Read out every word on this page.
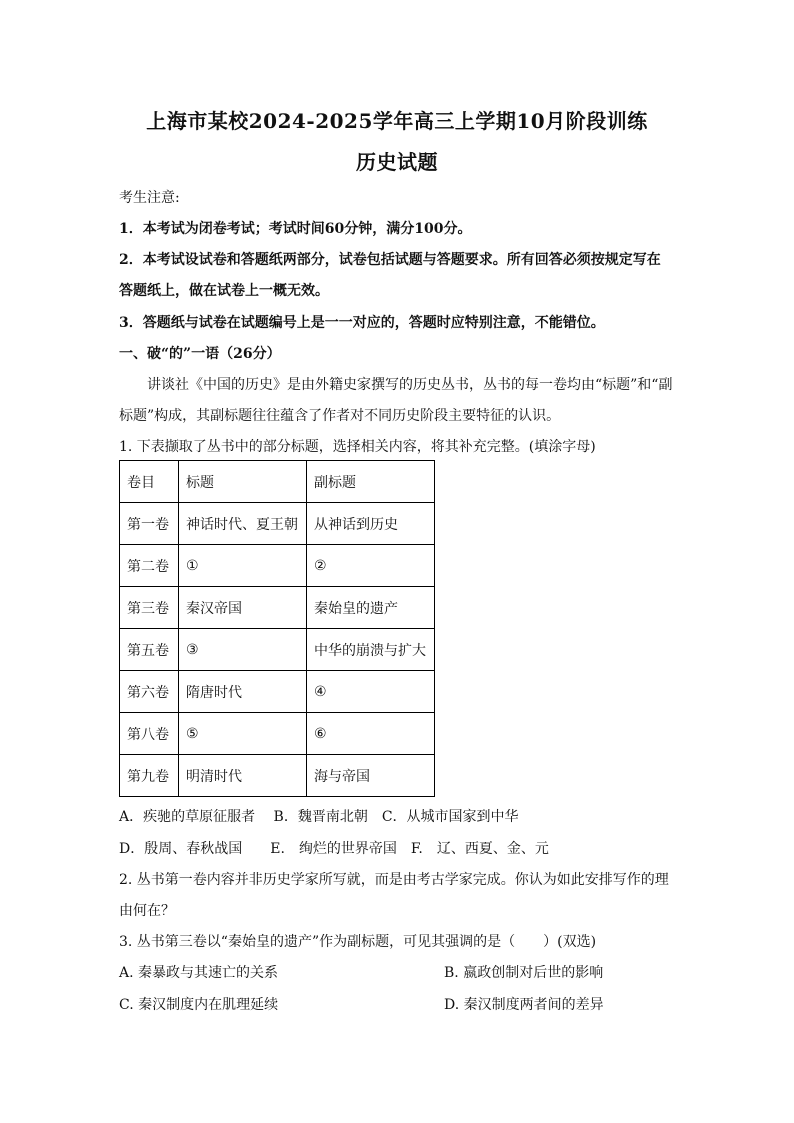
上海市某校2024-2025学年高三上学期10月阶段训练
历史试题
考生注意:
1．本考试为闭卷考试；考试时间60分钟，满分100分。
2．本考试设试卷和答题纸两部分，试卷包括试题与答题要求。所有回答必须按规定写在
答题纸上，做在试卷上一概无效。
3．答题纸与试卷在试题编号上是一一对应的，答题时应特别注意，不能错位。
一、破“的”一语（26分）
讲谈社《中国的历史》是由外籍史家撰写的历史丛书，丛书的每一卷均由“标题”和“副
标题”构成，其副标题往往蕴含了作者对不同历史阶段主要特征的认识。
1. 下表撷取了丛书中的部分标题，选择相关内容，将其补充完整。(填涂字母)
卷目	标题	副标题
第一卷	神话时代、夏王朝	从神话到历史
第二卷	①	②
第三卷	秦汉帝国	秦始皇的遗产
第五卷	③	中华的崩溃与扩大
第六卷	隋唐时代	④
第八卷	⑤	⑥
第九卷	明清时代	海与帝国
A．疾驰的草原征服者　 B．魏晋南北朝　C．从城市国家到中华
D．殷周、春秋战国　　E.　绚烂的世界帝国　F.　辽、西夏、金、元
2. 丛书第一卷内容并非历史学家所写就，而是由考古学家完成。你认为如此安排写作的理
由何在？
3. 丛书第三卷以“秦始皇的遗产”作为副标题，可见其强调的是（　　）(双选)
A. 秦暴政与其速亡的关系	B. 嬴政创制对后世的影响
C. 秦汉制度内在肌理延续	D. 秦汉制度两者间的差异
